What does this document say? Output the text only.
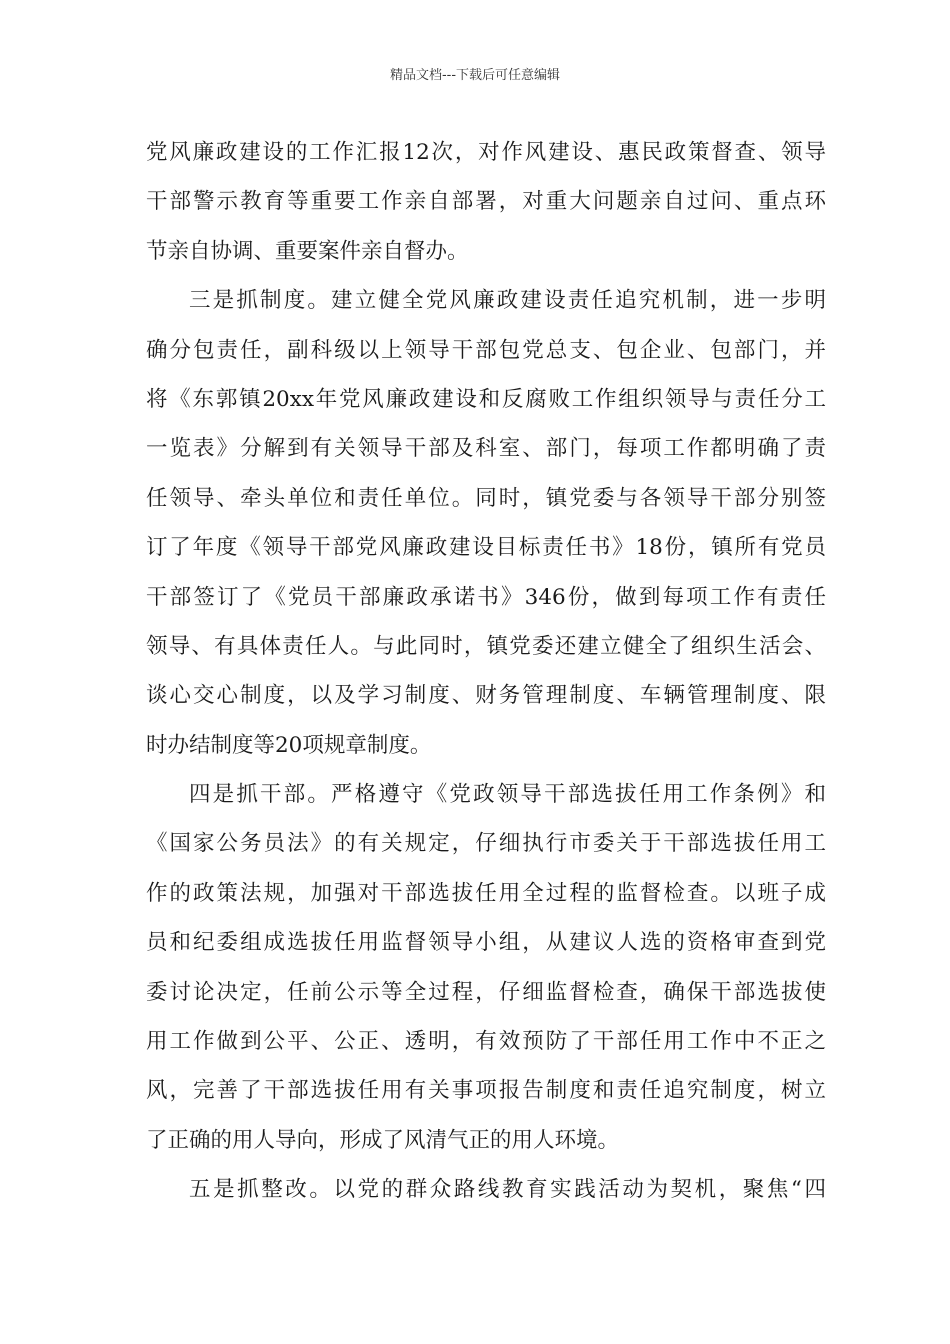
精品文档---下载后可任意编辑
党风廉政建设的工作汇报12次，对作风建设、惠民政策督查、领导
干部警示教育等重要工作亲自部署，对重大问题亲自过问、重点环
节亲自协调、重要案件亲自督办。
三是抓制度。建立健全党风廉政建设责任追究机制，进一步明
确分包责任，副科级以上领导干部包党总支、包企业、包部门，并
将《东郭镇20xx年党风廉政建设和反腐败工作组织领导与责任分工
一览表》分解到有关领导干部及科室、部门，每项工作都明确了责
任领导、牵头单位和责任单位。同时，镇党委与各领导干部分别签
订了年度《领导干部党风廉政建设目标责任书》18份，镇所有党员
干部签订了《党员干部廉政承诺书》346份，做到每项工作有责任
领导、有具体责任人。与此同时，镇党委还建立健全了组织生活会、
谈心交心制度，以及学习制度、财务管理制度、车辆管理制度、限
时办结制度等20项规章制度。
四是抓干部。严格遵守《党政领导干部选拔任用工作条例》和
《国家公务员法》的有关规定，仔细执行市委关于干部选拔任用工
作的政策法规，加强对干部选拔任用全过程的监督检查。以班子成
员和纪委组成选拔任用监督领导小组，从建议人选的资格审查到党
委讨论决定，任前公示等全过程，仔细监督检查，确保干部选拔使
用工作做到公平、公正、透明，有效预防了干部任用工作中不正之
风，完善了干部选拔任用有关事项报告制度和责任追究制度，树立
了正确的用人导向，形成了风清气正的用人环境。
五是抓整改。以党的群众路线教育实践活动为契机，聚焦“四
